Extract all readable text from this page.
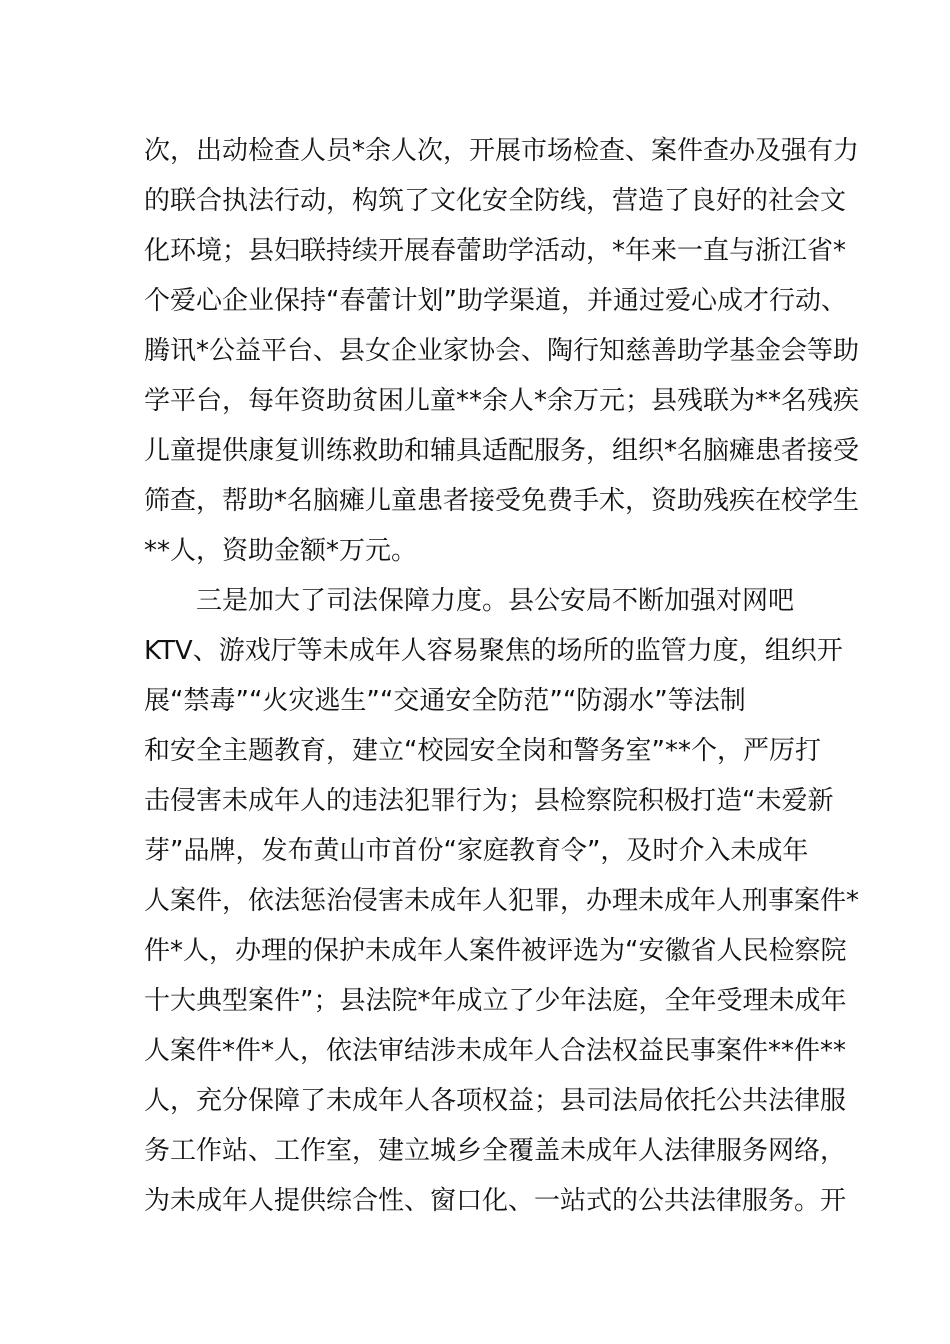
次，出动检查人员*余人次，开展市场检查、案件查办及强有力
的联合执法行动，构筑了文化安全防线，营造了良好的社会文
化环境；县妇联持续开展春蕾助学活动，*年来一直与浙江省*
个爱心企业保持“春蕾计划”助学渠道，并通过爱心成才行动、
腾讯*公益平台、县女企业家协会、陶行知慈善助学基金会等助
学平台，每年资助贫困儿童**余人*余万元；县残联为**名残疾
儿童提供康复训练救助和辅具适配服务，组织*名脑瘫患者接受
筛查，帮助*名脑瘫儿童患者接受免费手术，资助残疾在校学生
**人，资助金额*万元。
三是加大了司法保障力度。县公安局不断加强对网吧
KTV、游戏厅等未成年人容易聚焦的场所的监管力度，组织开
展“禁毒”“火灾逃生”“交通安全防范”“防溺水”等法制
和安全主题教育，建立“校园安全岗和警务室”**个，严厉打
击侵害未成年人的违法犯罪行为；县检察院积极打造“未爱新
芽”品牌，发布黄山市首份“家庭教育令”，及时介入未成年
人案件，依法惩治侵害未成年人犯罪，办理未成年人刑事案件*
件*人，办理的保护未成年人案件被评选为“安徽省人民检察院
十大典型案件”；县法院*年成立了少年法庭，全年受理未成年
人案件*件*人，依法审结涉未成年人合法权益民事案件**件**
人，充分保障了未成年人各项权益；县司法局依托公共法律服
务工作站、工作室，建立城乡全覆盖未成年人法律服务网络，
为未成年人提供综合性、窗口化、一站式的公共法律服务。开
